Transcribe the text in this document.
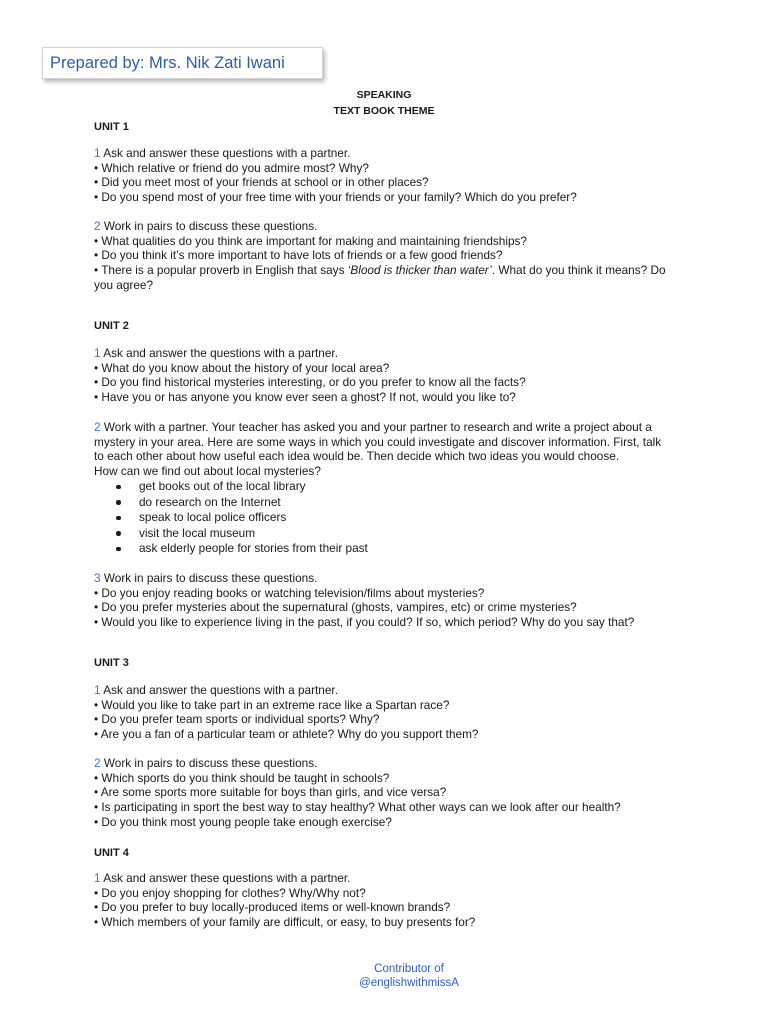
Prepared by: Mrs. Nik Zati Iwani
SPEAKING
TEXT BOOK THEME
UNIT 1
1 Ask and answer these questions with a partner.
• Which relative or friend do you admire most? Why?
• Did you meet most of your friends at school or in other places?
• Do you spend most of your free time with your friends or your family? Which do you prefer?
2 Work in pairs to discuss these questions.
• What qualities do you think are important for making and maintaining friendships?
• Do you think it’s more important to have lots of friends or a few good friends?
• There is a popular proverb in English that says ‘Blood is thicker than water’. What do you think it means? Do
you agree?
UNIT 2
1 Ask and answer the questions with a partner.
• What do you know about the history of your local area?
• Do you find historical mysteries interesting, or do you prefer to know all the facts?
• Have you or has anyone you know ever seen a ghost? If not, would you like to?
2 Work with a partner. Your teacher has asked you and your partner to research and write a project about a
mystery in your area. Here are some ways in which you could investigate and discover information. First, talk
to each other about how useful each idea would be. Then decide which two ideas you would choose.
How can we find out about local mysteries?
get books out of the local library
do research on the Internet
speak to local police officers
visit the local museum
ask elderly people for stories from their past
3 Work in pairs to discuss these questions.
• Do you enjoy reading books or watching television/films about mysteries?
• Do you prefer mysteries about the supernatural (ghosts, vampires, etc) or crime mysteries?
• Would you like to experience living in the past, if you could? If so, which period? Why do you say that?
UNIT 3
1 Ask and answer the questions with a partner.
• Would you like to take part in an extreme race like a Spartan race?
• Do you prefer team sports or individual sports? Why?
• Are you a fan of a particular team or athlete? Why do you support them?
2 Work in pairs to discuss these questions.
• Which sports do you think should be taught in schools?
• Are some sports more suitable for boys than girls, and vice versa?
• Is participating in sport the best way to stay healthy? What other ways can we look after our health?
• Do you think most young people take enough exercise?
UNIT 4
1 Ask and answer these questions with a partner.
• Do you enjoy shopping for clothes? Why/Why not?
• Do you prefer to buy locally-produced items or well-known brands?
• Which members of your family are difficult, or easy, to buy presents for?
Contributor of
@englishwithmissA
